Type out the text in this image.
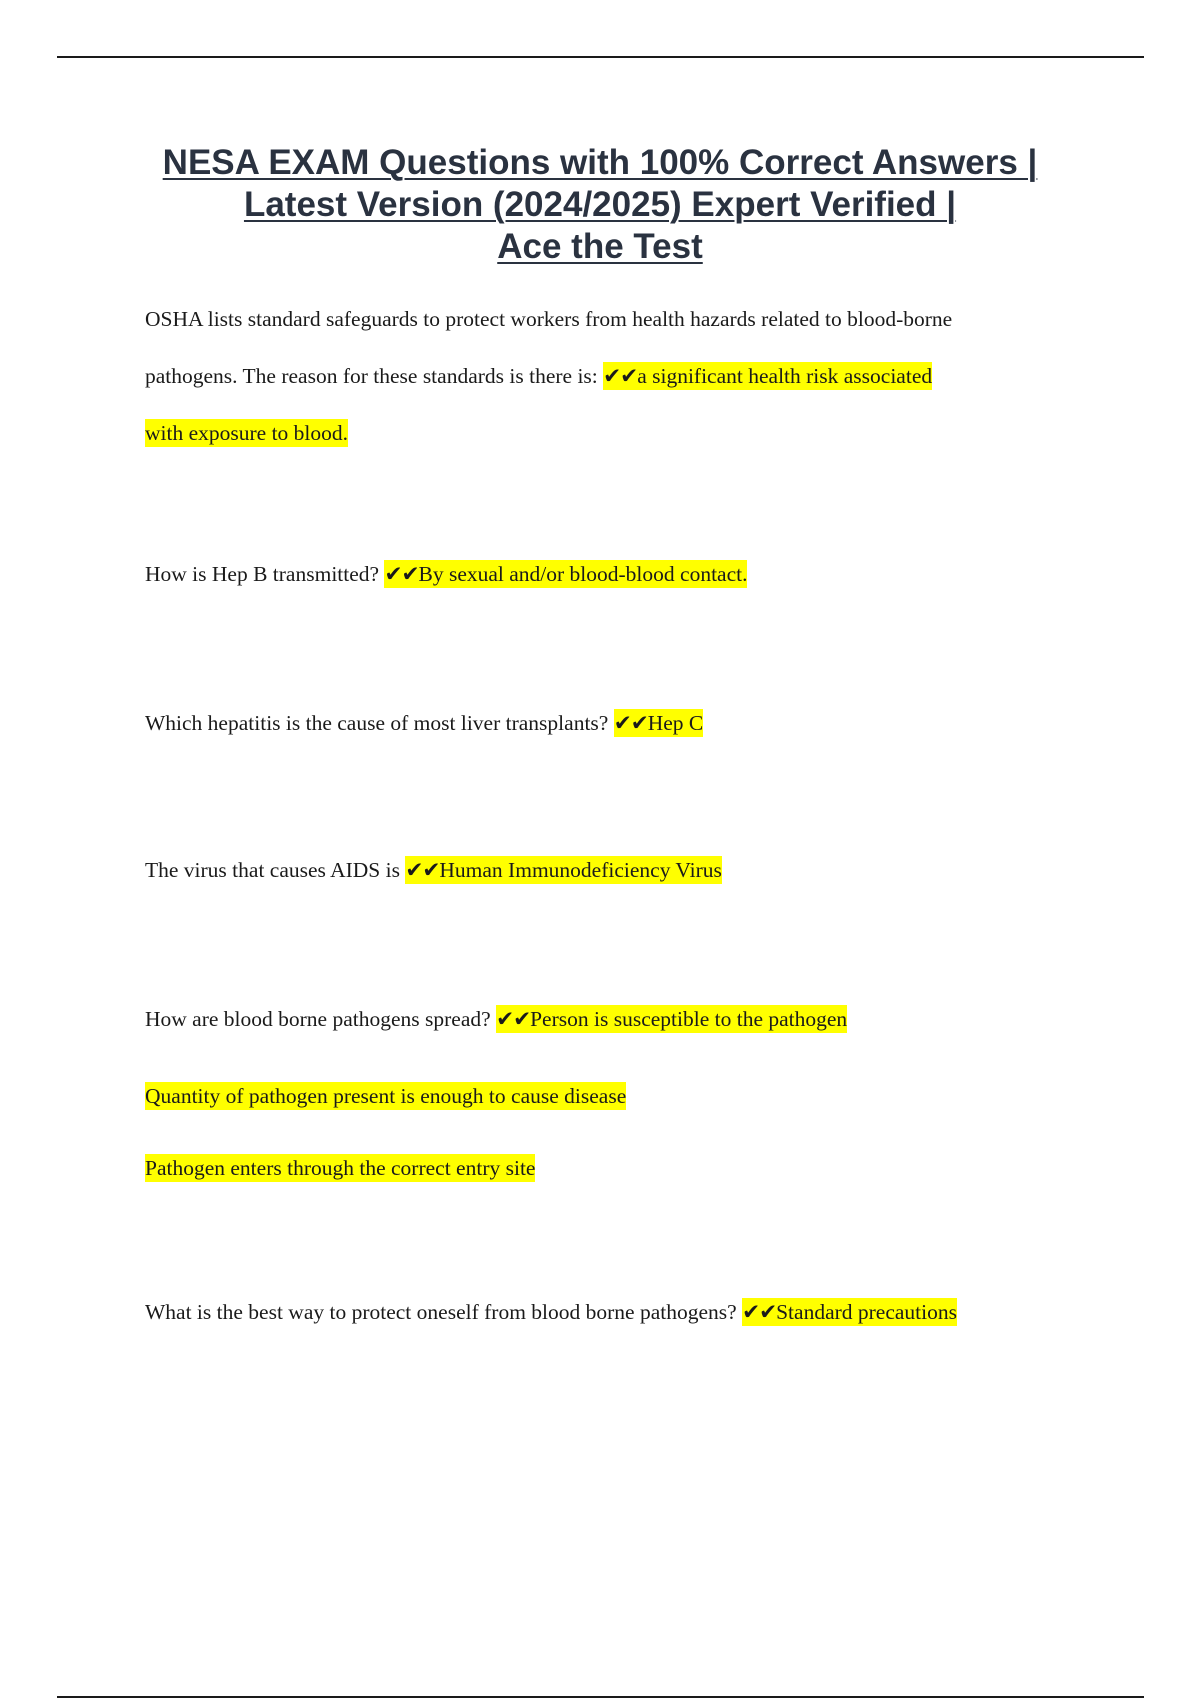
NESA EXAM Questions with 100% Correct Answers |
Latest Version (2024/2025) Expert Verified |
Ace the Test
OSHA lists standard safeguards to protect workers from health hazards related to blood-borne
pathogens. The reason for these standards is there is: ✔✔a significant health risk associated
with exposure to blood.
How is Hep B transmitted? ✔✔By sexual and/or blood-blood contact.
Which hepatitis is the cause of most liver transplants? ✔✔Hep C
The virus that causes AIDS is ✔✔Human Immunodeficiency Virus
How are blood borne pathogens spread? ✔✔Person is susceptible to the pathogen
Quantity of pathogen present is enough to cause disease
Pathogen enters through the correct entry site
What is the best way to protect oneself from blood borne pathogens? ✔✔Standard precautions
